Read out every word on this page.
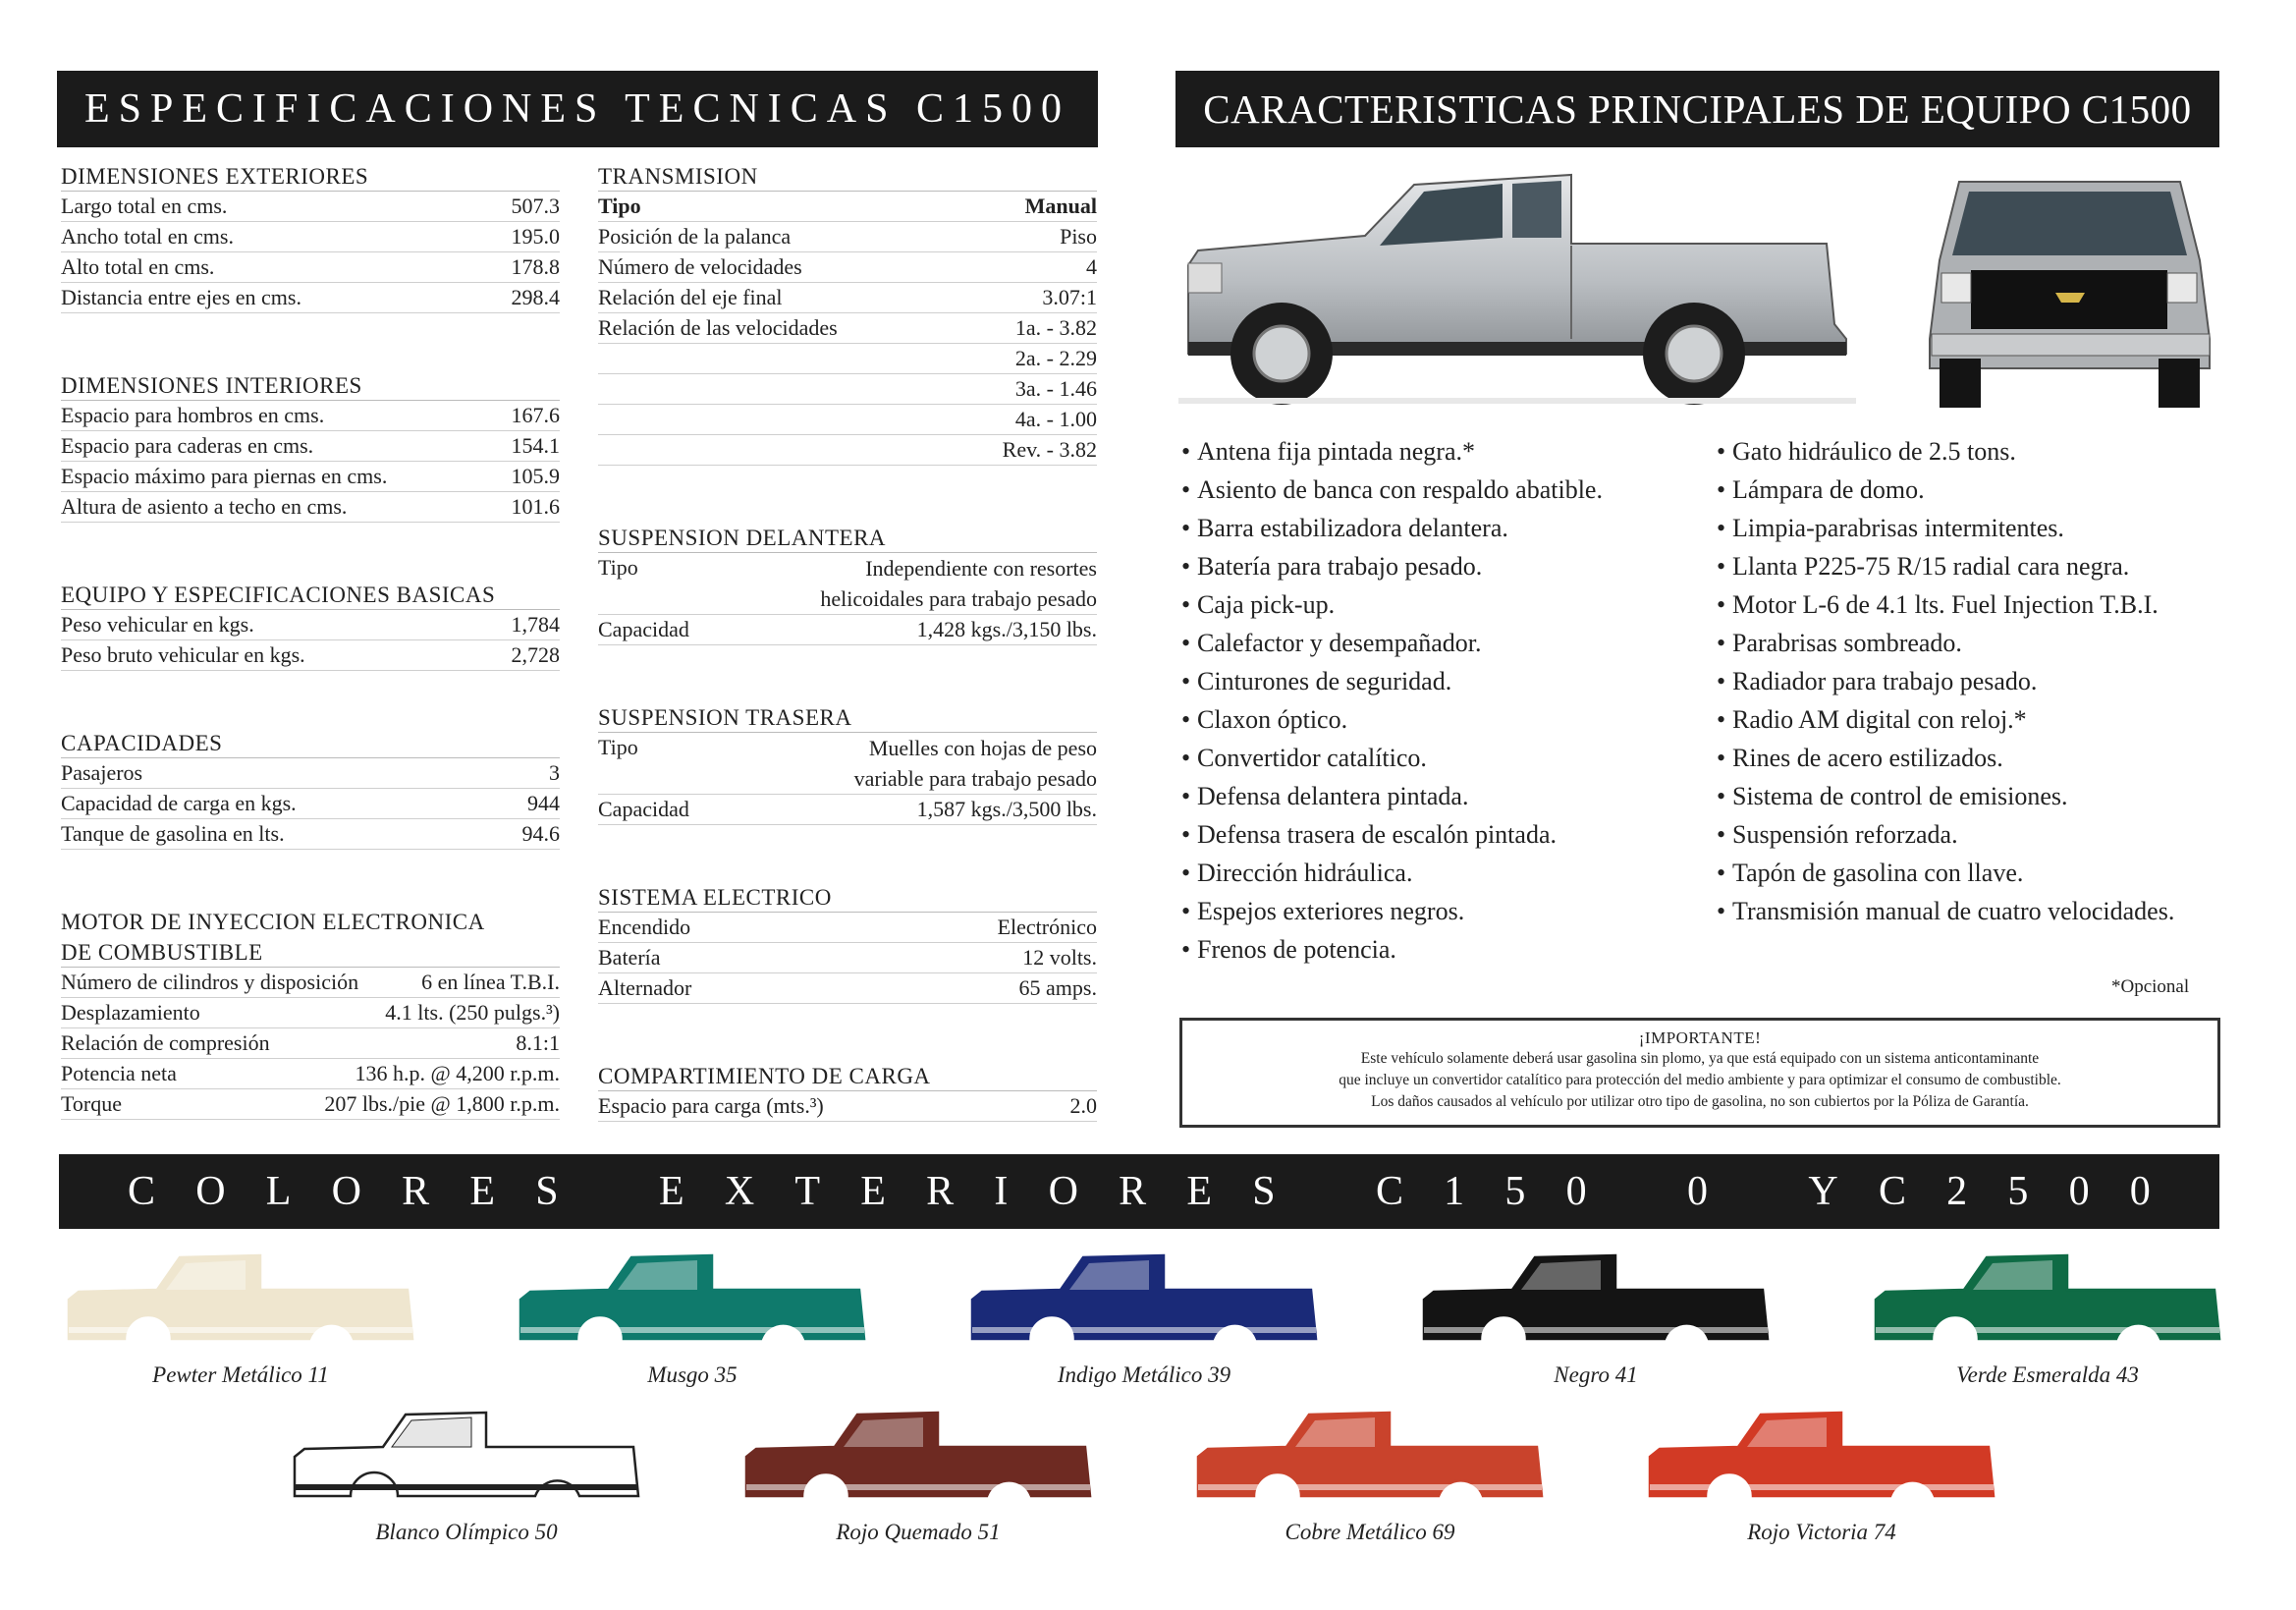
ESPECIFICACIONES TECNICAS C1500	CARACTERISTICAS PRINCIPALES DE EQUIPO C1500
C O L O R E S E X T E R I O R E S C 1 5 0 0 Y C 2 5 0 0
DIMENSIONES EXTERIORES
Largo total en cms.	507.3
Ancho total en cms.	195.0
Alto total en cms.	178.8
Distancia entre ejes en cms.	298.4
DIMENSIONES INTERIORES
Espacio para hombros en cms.	167.6
Espacio para caderas en cms.	154.1
Espacio máximo para piernas en cms.	105.9
Altura de asiento a techo en cms.	101.6
EQUIPO Y ESPECIFICACIONES BASICAS
Peso vehicular en kgs.	1,784
Peso bruto vehicular en kgs.	2,728
CAPACIDADES
Pasajeros	3
Capacidad de carga en kgs.	944
Tanque de gasolina en lts.	94.6
MOTOR DE INYECCION ELECTRONICA
DE COMBUSTIBLE
Número de cilindros y disposición	6 en línea T.B.I.
Desplazamiento	4.1 lts. (250 pulgs.³)
Relación de compresión	8.1:1
Potencia neta	136 h.p. @ 4,200 r.p.m.
Torque	207 lbs./pie @ 1,800 r.p.m.
TRANSMISION
Tipo	Manual
Posición de la palanca	Piso
Número de velocidades	4
Relación del eje final	3.07:1
Relación de las velocidades	1a. - 3.82
2a. - 2.29
3a. - 1.46
4a. - 1.00
Rev. - 3.82
SUSPENSION DELANTERA
Tipo	Independiente con resortes
helicoidales para trabajo pesado
Capacidad	1,428 kgs./3,150 lbs.
SUSPENSION TRASERA
Tipo	Muelles con hojas de peso
variable para trabajo pesado
Capacidad	1,587 kgs./3,500 lbs.
SISTEMA ELECTRICO
Encendido	Electrónico
Batería	12 volts.
Alternador	65 amps.
COMPARTIMIENTO DE CARGA
Espacio para carga (mts.³)	2.0
• Antena fija pintada negra.*
• Asiento de banca con respaldo abatible.
• Barra estabilizadora delantera.
• Batería para trabajo pesado.
• Caja pick-up.
• Calefactor y desempañador.
• Cinturones de seguridad.
• Claxon óptico.
• Convertidor catalítico.
• Defensa delantera pintada.
• Defensa trasera de escalón pintada.
• Dirección hidráulica.
• Espejos exteriores negros.
• Frenos de potencia.
• Gato hidráulico de 2.5 tons.
• Lámpara de domo.
• Limpia-parabrisas intermitentes.
• Llanta P225-75 R/15 radial cara negra.
• Motor L-6 de 4.1 lts. Fuel Injection T.B.I.
• Parabrisas sombreado.
• Radiador para trabajo pesado.
• Radio AM digital con reloj.*
• Rines de acero estilizados.
• Sistema de control de emisiones.
• Suspensión reforzada.
• Tapón de gasolina con llave.
• Transmisión manual de cuatro velocidades.
*Opcional
¡IMPORTANTE!
Este vehículo solamente deberá usar gasolina sin plomo, ya que está equipado con un sistema anticontaminante
que incluye un convertidor catalítico para protección del medio ambiente y para optimizar el consumo de combustible.
Los daños causados al vehículo por utilizar otro tipo de gasolina, no son cubiertos por la Póliza de Garantía.
Pewter Metálico 11	Musgo 35	Indigo Metálico 39	Negro 41	Verde Esmeralda 43
Blanco Olímpico 50	Rojo Quemado 51	Cobre Metálico 69	Rojo Victoria 74
